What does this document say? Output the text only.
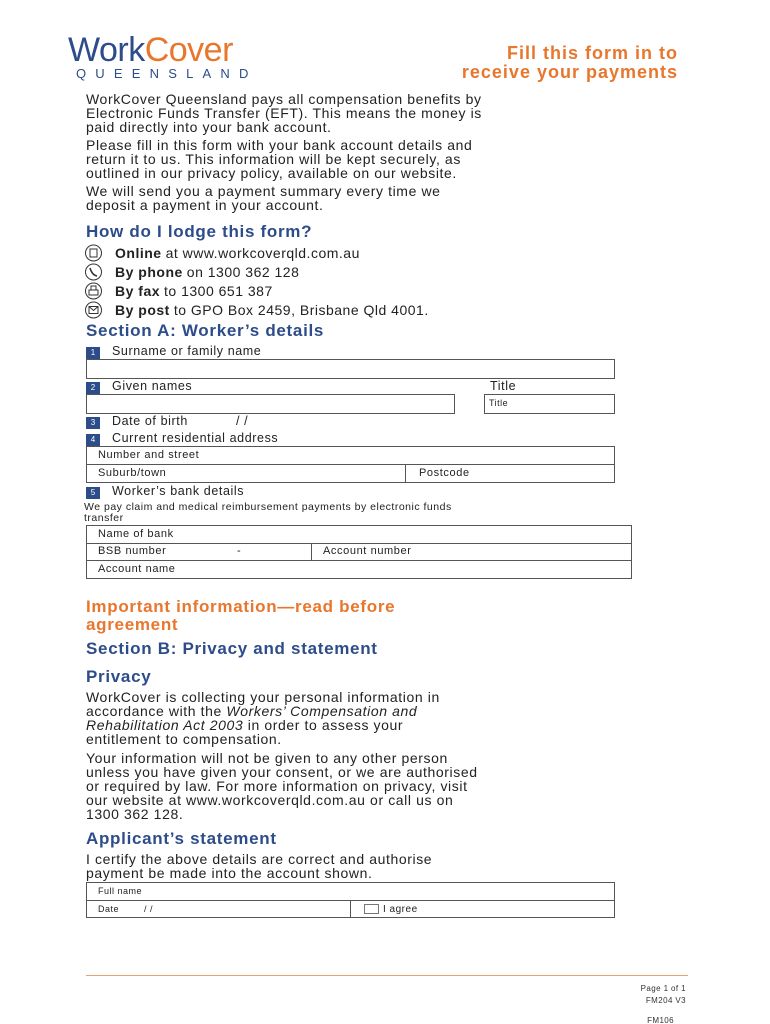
WorkCover
QUEENSLAND
Fill this form in to
receive your payments
WorkCover Queensland pays all compensation benefits by
Electronic Funds Transfer (EFT). This means the money is
paid directly into your bank account.
Please fill in this form with your bank account details and
return it to us. This information will be kept securely, as
outlined in our privacy policy, available on our website.
We will send you a payment summary every time we
deposit a payment in your account.
How do I lodge this form?
Online at www.workcoverqld.com.au
By phone on 1300 362 128
By fax to 1300 651 387
By post to GPO Box 2459, Brisbane Qld 4001.
Section A: Worker’s details
1	Surname or family name
2	Given names	Title
Title
3	Date of birth	/ /
4	Current residential address
Number and street
Suburb/town	Postcode
5	Worker’s bank details
We pay claim and medical reimbursement payments by electronic funds
transfer
Name of bank
BSB number	-	Account number
Account name
Important information—read before
agreement
Section B: Privacy and statement
Privacy
WorkCover is collecting your personal information in
accordance with the Workers’ Compensation and
Rehabilitation Act 2003 in order to assess your
entitlement to compensation.
Your information will not be given to any other person
unless you have given your consent, or we are authorised
or required by law. For more information on privacy, visit
our website at www.workcoverqld.com.au or call us on
1300 362 128.
Applicant’s statement
I certify the above details are correct and authorise
payment be made into the account shown.
Full name
Date	/ /	I agree
Page 1 of 1
FM204 V3
FM106
